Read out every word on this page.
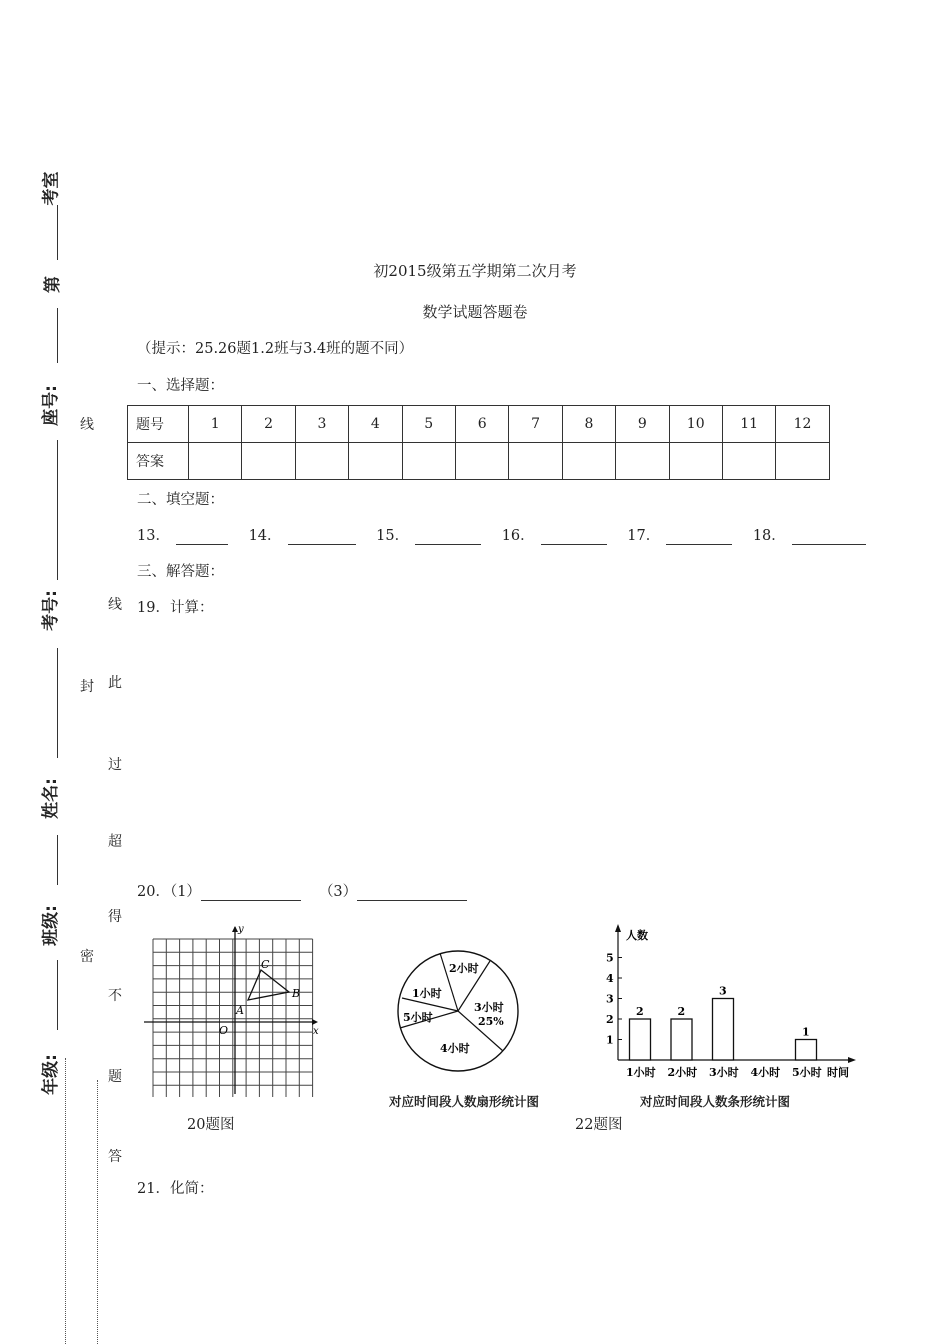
考室
第
座号:
考号:
姓名:
班级:
年级:
线
封
密
线
此
过
超
得
不
题
答
初2015级第五学期第二次月考
数学试题答题卷
（提示：25.26题1.2班与3.4班的题不同）
一、选择题：
题号	1	2	3	4	5	6	7	8	9	10	11	12
答案												
二、填空题：
13．	14．	15．	16．	17．	18．
三、解答题：
19．计算：
20．（1）	（3）
y
x
O
A
B
C
20题图
2小时
1小时
3小时
25%
5小时
4小时
对应时间段人数扇形统计图
22题图
人数
1
2
3
4
5
2
1小时
2
2小时
3
3小时 4小时
1
5小时 时间
对应时间段人数条形统计图
21．化简：
